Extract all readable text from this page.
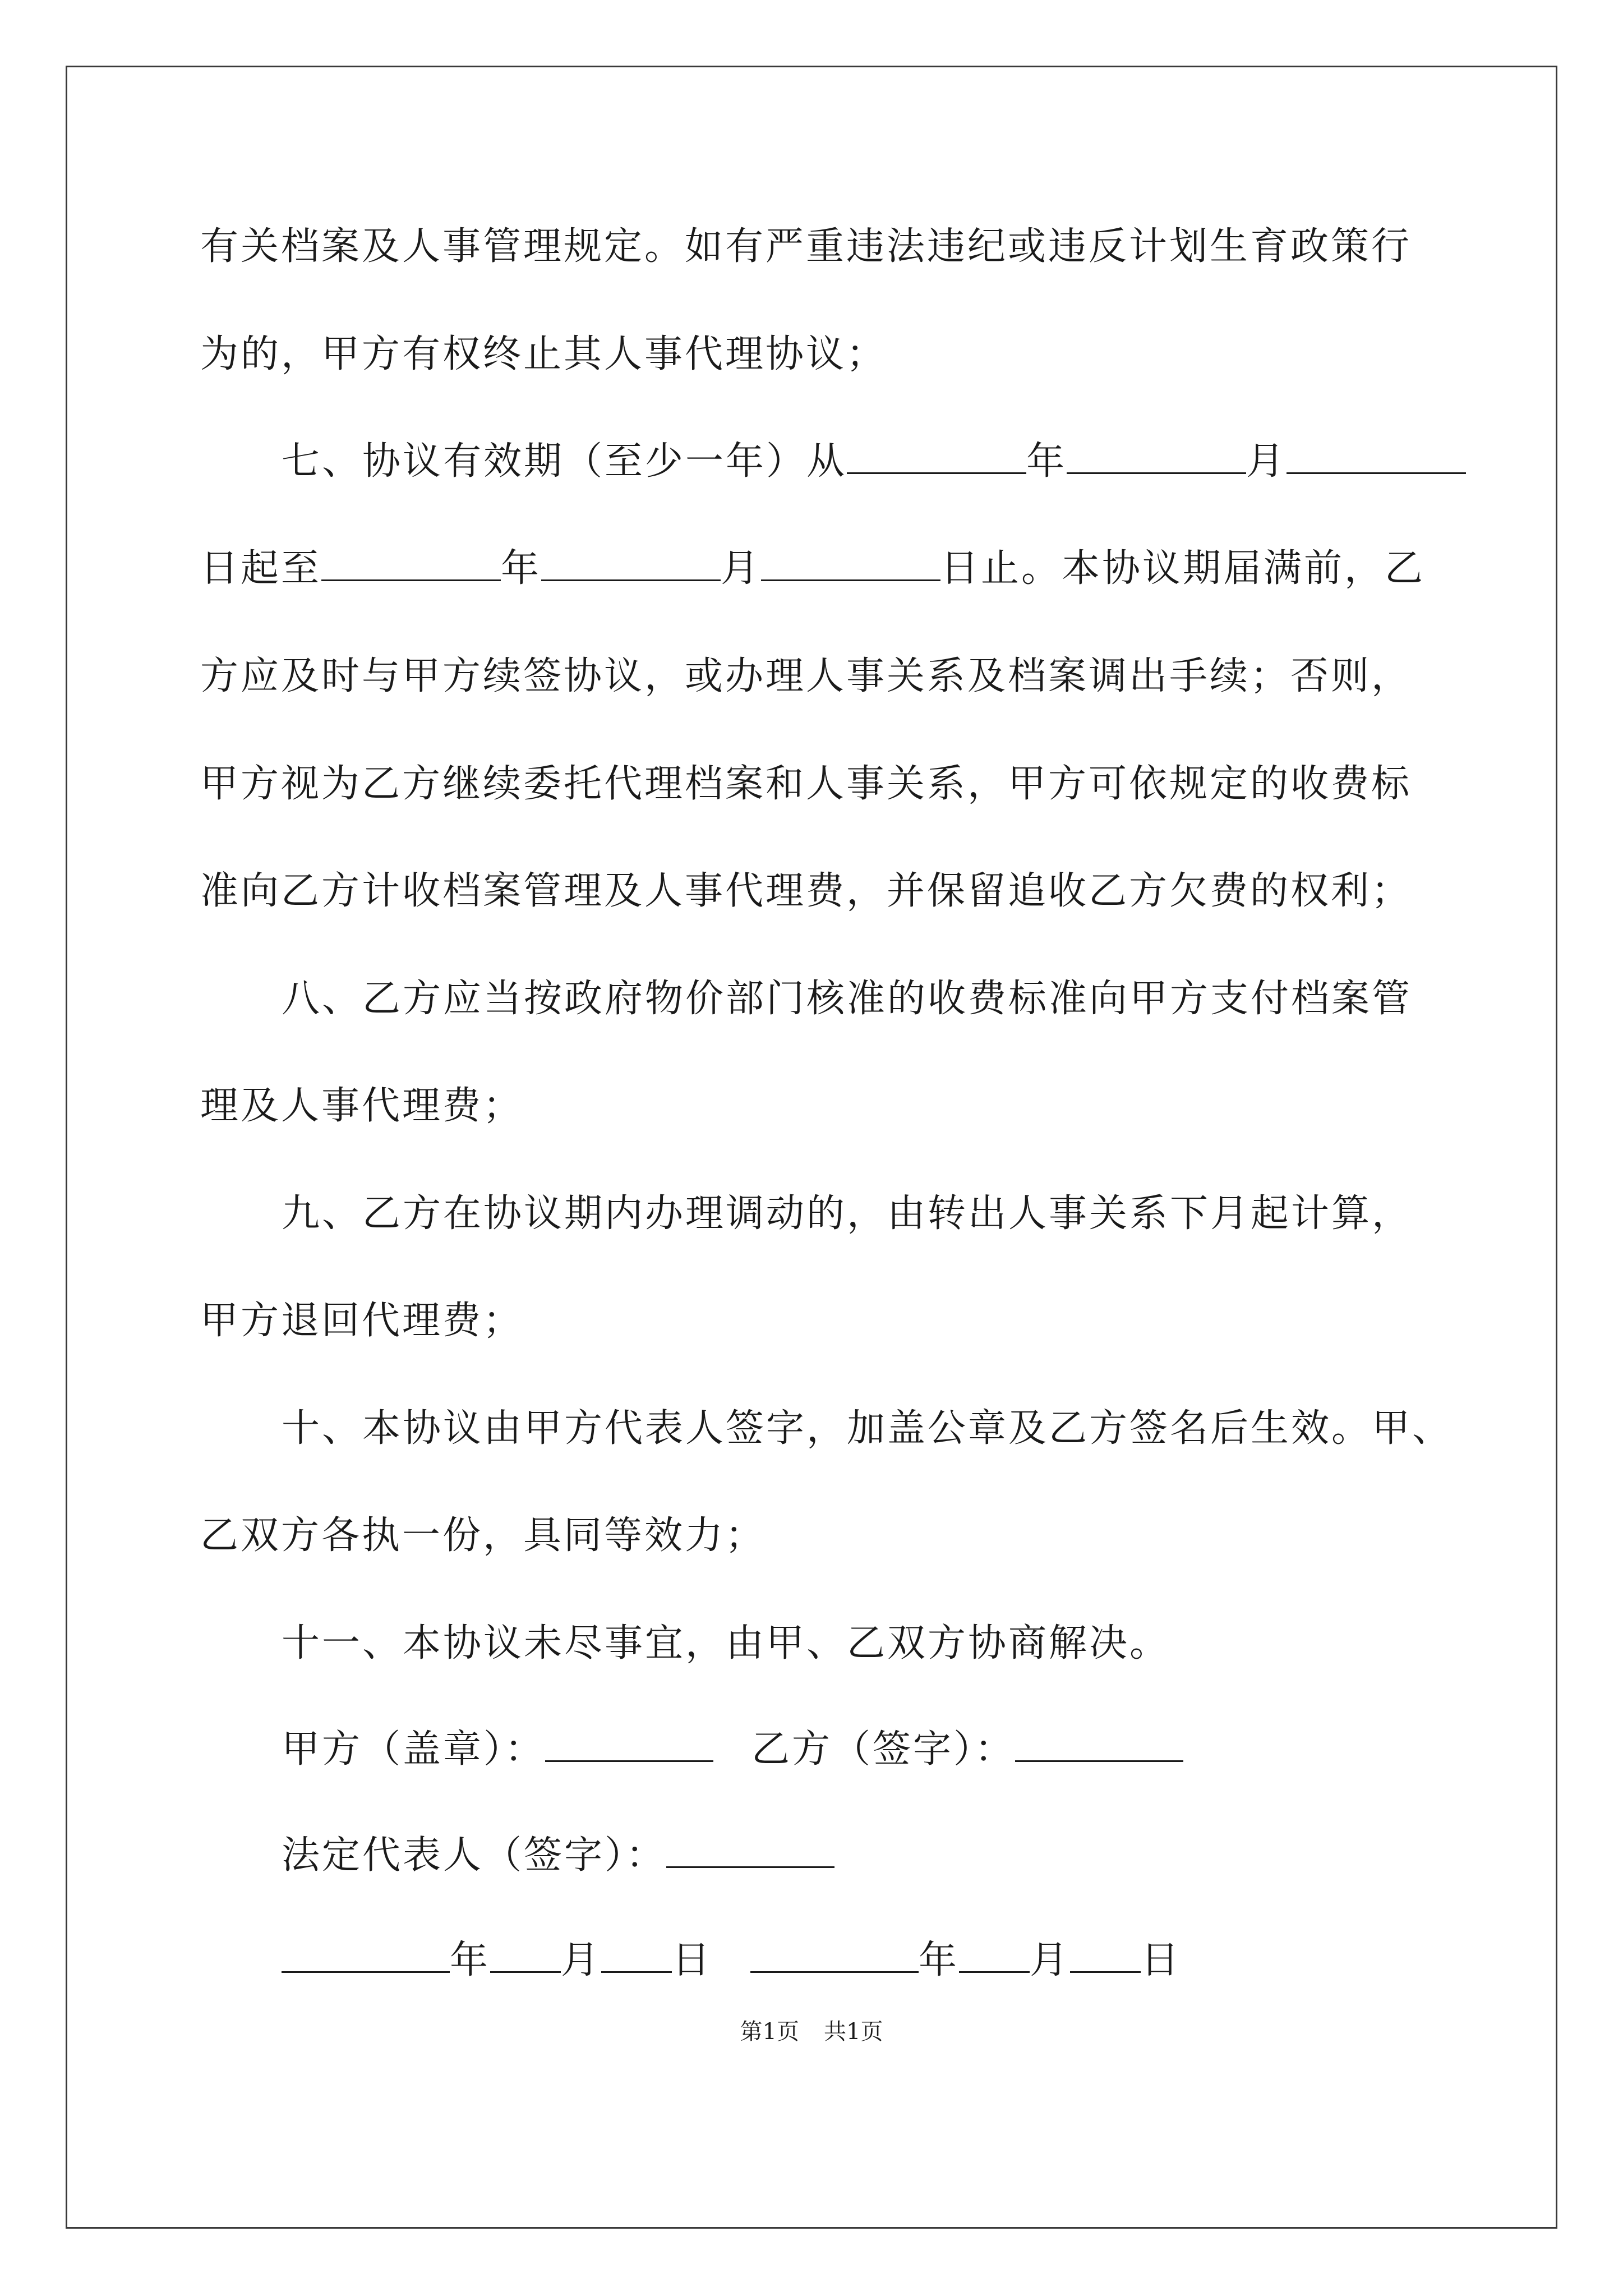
有关档案及人事管理规定。如有严重违法违纪或违反计划生育政策行
为的，甲方有权终止其人事代理协议；
七、协议有效期（至少一年）从	年	月
日起至	年	月	日止。本协议期届满前，乙
方应及时与甲方续签协议，或办理人事关系及档案调出手续；否则，
甲方视为乙方继续委托代理档案和人事关系，甲方可依规定的收费标
准向乙方计收档案管理及人事代理费，并保留追收乙方欠费的权利；
八、乙方应当按政府物价部门核准的收费标准向甲方支付档案管
理及人事代理费；
九、乙方在协议期内办理调动的，由转出人事关系下月起计算，
甲方退回代理费；
十、本协议由甲方代表人签字，加盖公章及乙方签名后生效。甲、
乙双方各执一份，具同等效力；
十一、本协议未尽事宜，由甲、乙双方协商解决。
甲方（盖章）：	乙方（签字）：
法定代表人（签字）：
年 月 日	年 月 日
第1页 共1页
